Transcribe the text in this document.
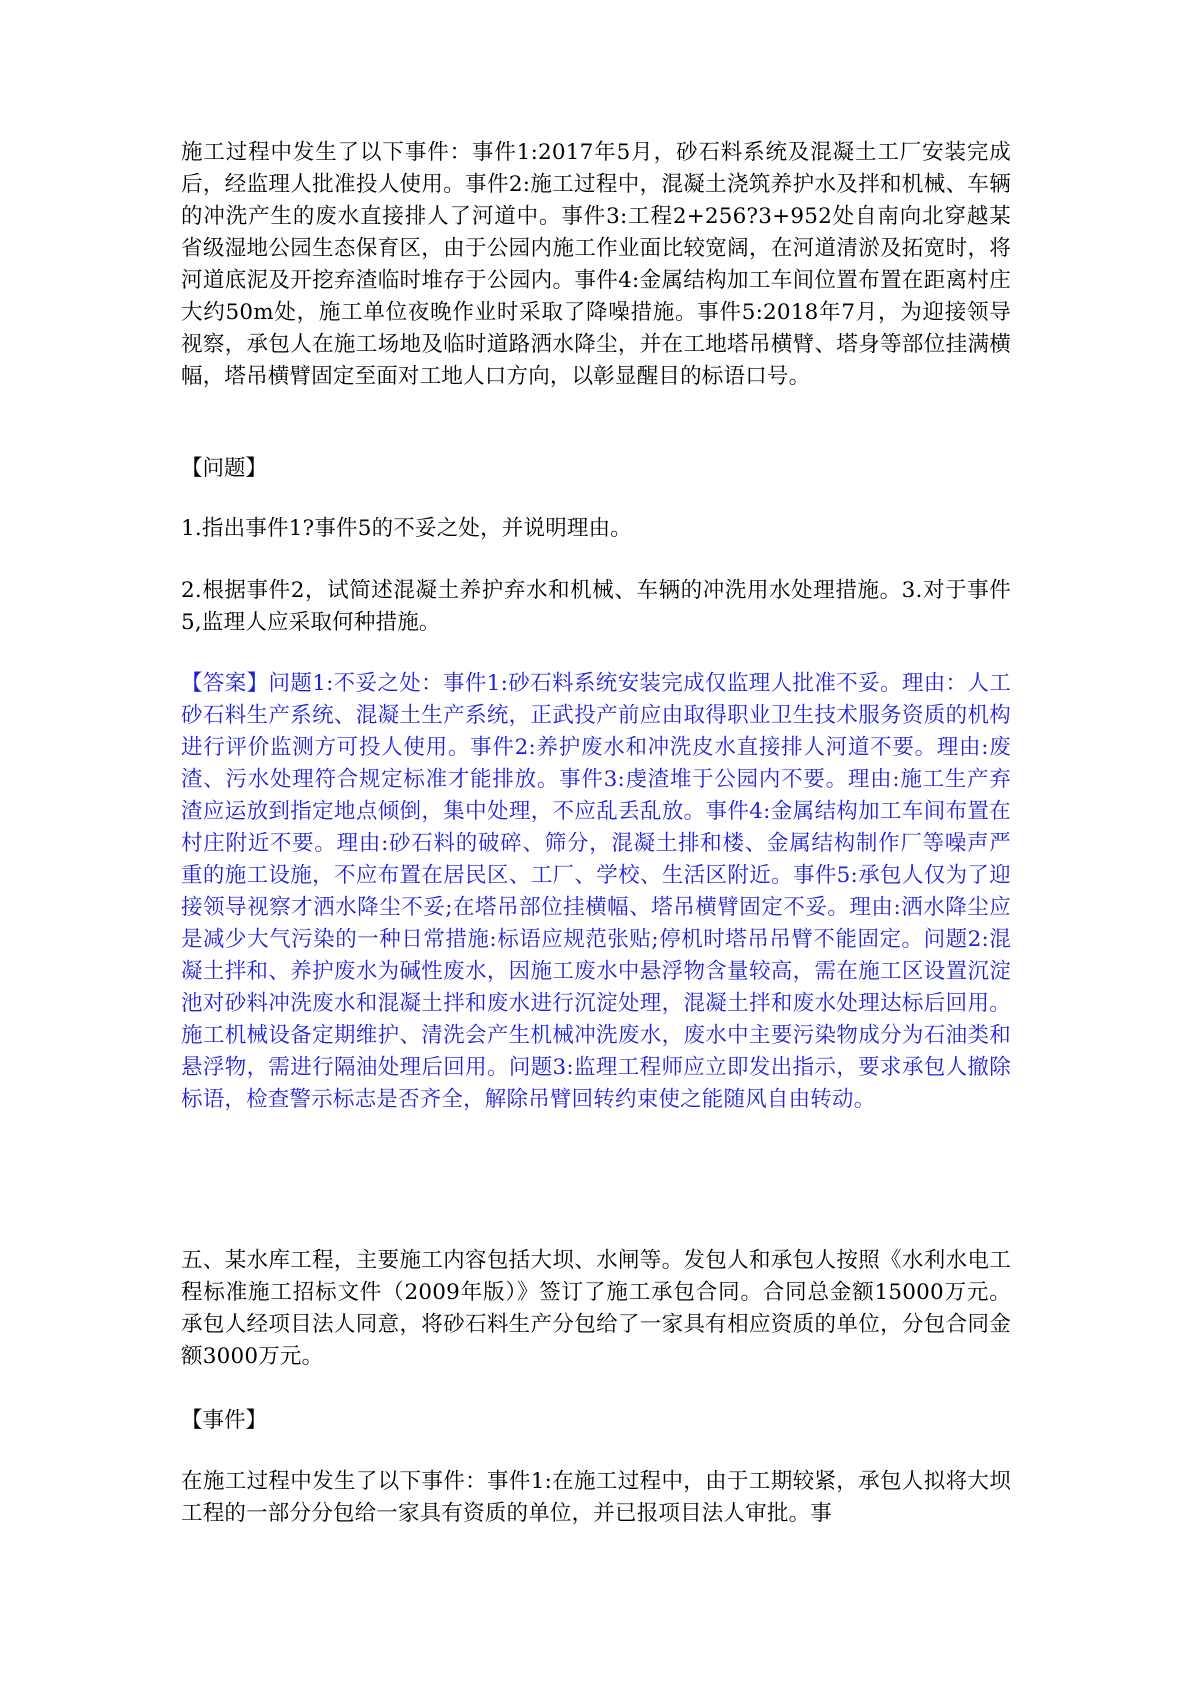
施工过程中发生了以下事件：事件1:2017年5月，砂石料系统及混凝土工厂安装完成后，经监理人批准投人使用。事件2:施工过程中，混凝土浇筑养护水及拌和机械、车辆的冲洗产生的废水直接排人了河道中。事件3:工程2+256?3+952处自南向北穿越某省级湿地公园生态保育区，由于公园内施工作业面比较宽阔，在河道清淤及拓宽时，将河道底泥及开挖弃渣临时堆存于公园内。事件4:金属结构加工车间位置布置在距离村庄大约50m处，施工单位夜晚作业时采取了降噪措施。事件5:2018年7月，为迎接领导视察，承包人在施工场地及临时道路洒水降尘，并在工地塔吊横臂、塔身等部位挂满横幅，塔吊横臂固定至面对工地人口方向，以彰显醒目的标语口号。
【问题】
1.指出事件1?事件5的不妥之处，并说明理由。
2.根据事件2，试简述混凝土养护弃水和机械、车辆的冲洗用水处理措施。3.对于事件5,监理人应采取何种措施。
【答案】问题1:不妥之处：事件1:砂石料系统安装完成仅监理人批准不妥。理由：人工砂石料生产系统、混凝土生产系统，正武投产前应由取得职业卫生技术服务资质的机构进行评价监测方可投人使用。事件2:养护废水和冲洗皮水直接排人河道不要。理由:废渣、污水处理符合规定标准才能排放。事件3:虔渣堆于公园内不要。理由:施工生产弃渣应运放到指定地点倾倒，集中处理，不应乱丢乱放。事件4:金属结构加工车间布置在村庄附近不要。理由:砂石料的破碎、筛分，混凝土排和楼、金属结构制作厂等噪声严重的施工设施，不应布置在居民区、工厂、学校、生活区附近。事件5:承包人仅为了迎接领导视察才洒水降尘不妥;在塔吊部位挂横幅、塔吊横臂固定不妥。理由:洒水降尘应是减少大气污染的一种日常措施:标语应规范张贴;停机时塔吊吊臂不能固定。问题2:混凝土拌和、养护废水为碱性废水，因施工废水中悬浮物含量较高，需在施工区设置沉淀池对砂料冲洗废水和混凝土拌和废水进行沉淀处理，混凝土拌和废水处理达标后回用。施工机械设备定期维护、清洗会产生机械冲洗废水，废水中主要污染物成分为石油类和悬浮物，需进行隔油处理后回用。问题3:监理工程师应立即发出指示，要求承包人撤除标语，检查警示标志是否齐全，解除吊臂回转约束使之能随风自由转动。
五、某水库工程，主要施工内容包括大坝、水闸等。发包人和承包人按照《水利水电工程标准施工招标文件（2009年版）》签订了施工承包合同。合同总金额15000万元。承包人经项目法人同意，将砂石料生产分包给了一家具有相应资质的单位，分包合同金额3000万元。
【事件】
在施工过程中发生了以下事件：事件1:在施工过程中，由于工期较紧，承包人拟将大坝工程的一部分分包给一家具有资质的单位，并已报项目法人审批。事
